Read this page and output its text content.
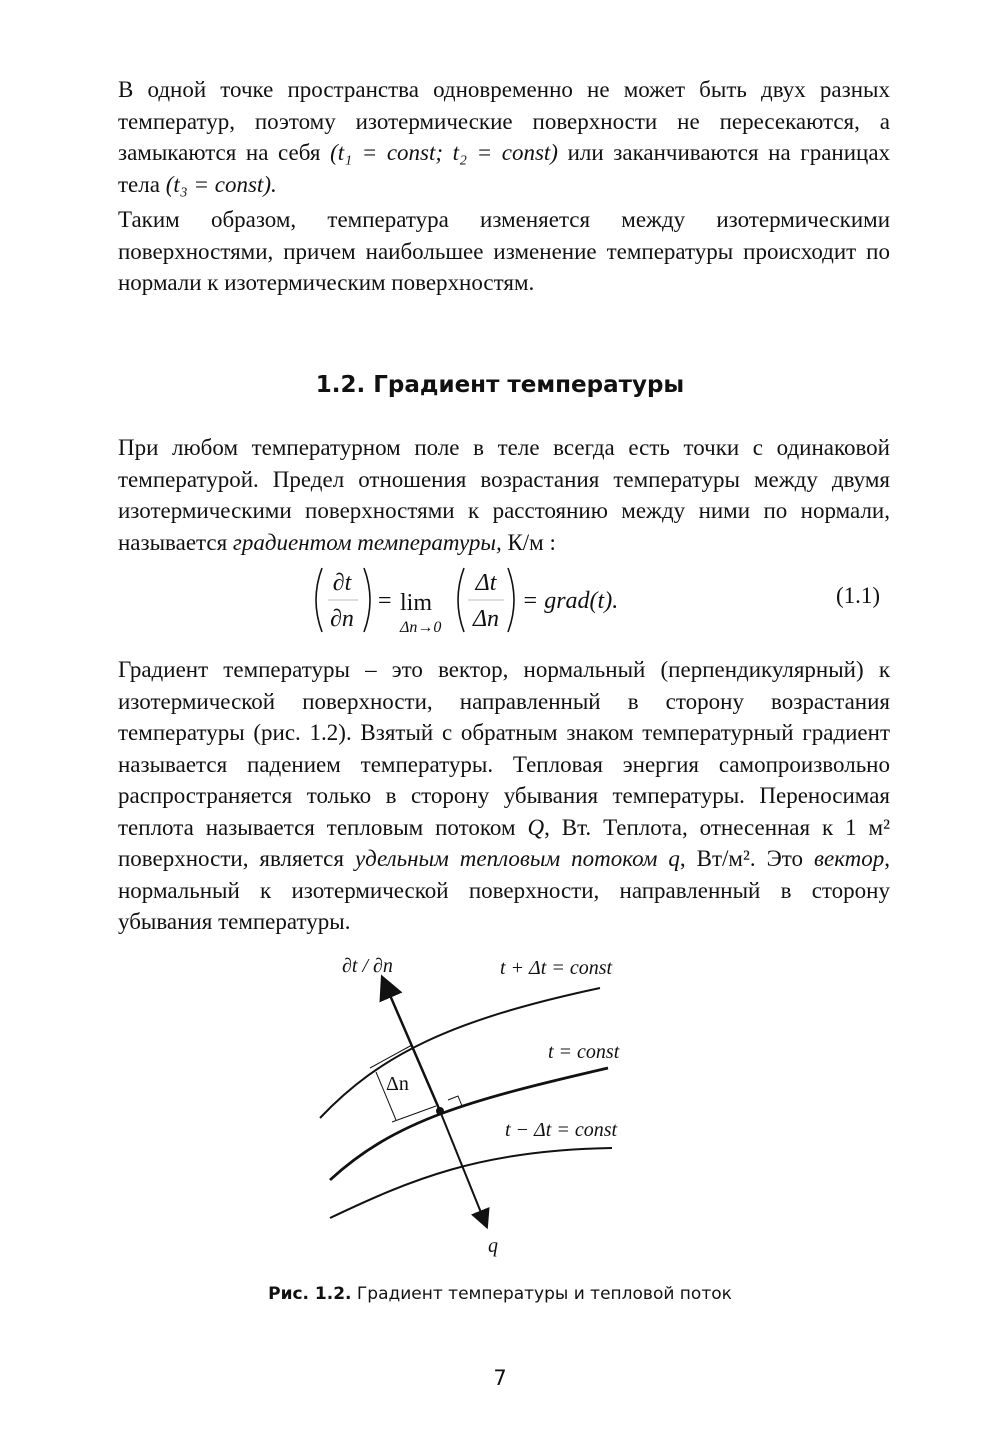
В одной точке пространства одновременно не может быть двух разных температур, поэтому изотермические поверхности не пересекаются, а замыкаются на себя (t₁ = const; t₂ = const) или заканчиваются на границах тела (t₃ = const).

Таким образом, температура изменяется между изотермическими поверхностями, причем наибольшее изменение температуры происходит по нормали к изотермическим поверхностям.

1.2. Градиент температуры

При любом температурном поле в теле всегда есть точки с одинаковой температурой. Предел отношения возрастания температуры между двумя изотермическими поверхностями к расстоянию между ними по нормали, называется градиентом температуры, К/м :

∂t
∂n
= lim
Δn→0
Δt
Δn
= grad(t).	(1.1)

Градиент температуры – это вектор, нормальный (перпендикулярный) к изотермической поверхности, направленный в сторону возрастания температуры (рис. 1.2). Взятый с обратным знаком температурный градиент называется падением температуры. Тепловая энергия самопроизвольно распространяется только в сторону убывания температуры. Переносимая теплота называется тепловым потоком Q, Вт. Теплота, отнесенная к 1 м² поверхности, является удельным тепловым потоком q, Вт/м². Это вектор, нормальный к изотермической поверхности, направленный в сторону убывания температуры.

∂t / ∂n	t + Δt = const
t = const
t − Δt = const
Δn
q
Рис. 1.2. Градиент температуры и тепловой поток
7
